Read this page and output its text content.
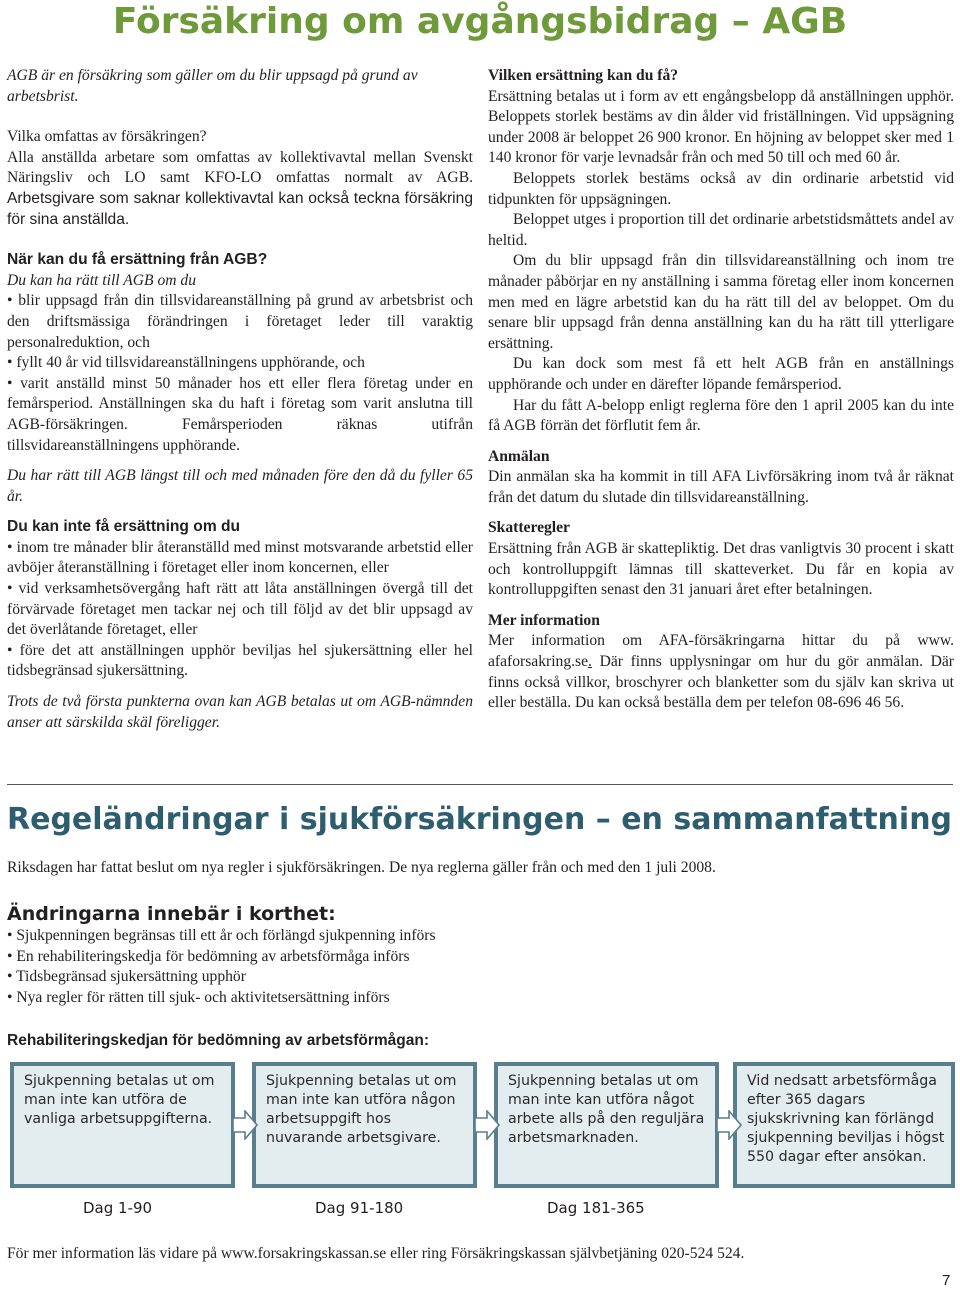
Försäkring om avgångsbidrag – AGB

AGB är en försäkring som gäller om du blir uppsagd på grund av arbetsbrist.

Vilka omfattas av försäkringen?

Alla anställda arbetare som omfattas av kollektivavtal mellan Svenskt Näringsliv och LO samt KFO-LO omfattas normalt av AGB. Arbetsgivare som saknar kollektivavtal kan också teckna försäkring för sina anställda.

När kan du få ersättning från AGB?

Du kan ha rätt till AGB om du

• blir uppsagd från din tillsvidareanställning på grund av arbetsbrist och den driftsmässiga förändringen i företaget leder till varaktig personalreduktion, och

• fyllt 40 år vid tillsvidareanställningens upphörande, och

• varit anställd minst 50 månader hos ett eller flera företag under en femårsperiod. Anställningen ska du haft i företag som varit anslutna till AGB-försäkringen. Femårsperioden räknas utifrån tillsvidareanställningens upphörande.

Du har rätt till AGB längst till och med månaden före den då du fyller 65 år.

Du kan inte få ersättning om du

• inom tre månader blir återanställd med minst motsvarande arbetstid eller avböjer återanställning i företaget eller inom koncernen, eller

• vid verksamhetsövergång haft rätt att låta anställningen övergå till det förvärvade företaget men tackar nej och till följd av det blir uppsagd av det överlåtande företaget, eller

• före det att anställningen upphör beviljas hel sjukersättning eller hel tidsbegränsad sjukersättning.

Trots de två första punkterna ovan kan AGB betalas ut om AGB-nämnden anser att särskilda skäl föreligger.

Vilken ersättning kan du få?

Ersättning betalas ut i form av ett engångsbelopp då anställningen upphör. Beloppets storlek bestäms av din ålder vid friställningen. Vid uppsägning under 2008 är beloppet 26 900 kronor. En höjning av beloppet sker med 1 140 kronor för varje levnadsår från och med 50 till och med 60 år.

Beloppets storlek bestäms också av din ordinarie arbetstid vid tidpunkten för uppsägningen.

Beloppet utges i proportion till det ordinarie arbetstidsmåttets andel av heltid.

Om du blir uppsagd från din tillsvidareanställning och inom tre månader påbörjar en ny anställning i samma företag eller inom koncernen men med en lägre arbetstid kan du ha rätt till del av beloppet. Om du senare blir uppsagd från denna anställning kan du ha rätt till ytterligare ersättning.

Du kan dock som mest få ett helt AGB från en anställnings upphörande och under en därefter löpande femårsperiod.

Har du fått A-belopp enligt reglerna före den 1 april 2005 kan du inte få AGB förrän det förflutit fem år.

Anmälan

Din anmälan ska ha kommit in till AFA Livförsäkring inom två år räknat från det datum du slutade din tillsvidareanställning.

Skatteregler

Ersättning från AGB är skattepliktig. Det dras vanligtvis 30 procent i skatt och kontrolluppgift lämnas till skatteverket. Du får en kopia av kontrolluppgiften senast den 31 januari året efter betalningen.

Mer information

Mer information om AFA-försäkringarna hittar du på www. afaforsakring.se. Där finns upplysningar om hur du gör anmälan. Där finns också villkor, broschyrer och blanketter som du själv kan skriva ut eller beställa. Du kan också beställa dem per telefon 08-696 46 56.

Regeländringar i sjukförsäkringen – en sammanfattning
Riksdagen har fattat beslut om nya regler i sjukförsäkringen. De nya reglerna gäller från och med den 1 juli 2008.
Ändringarna innebär i korthet:
• Sjukpenningen begränsas till ett år och förlängd sjukpenning införs
• En rehabiliteringskedja för bedömning av arbetsförmåga införs
• Tidsbegränsad sjukersättning upphör
• Nya regler för rätten till sjuk- och aktivitetsersättning införs
Rehabiliteringskedjan för bedömning av arbetsförmågan:
Sjukpenning betalas ut om man inte kan utföra de vanliga arbetsuppgifterna.
Sjukpenning betalas ut om man inte kan utföra någon arbetsuppgift hos nuvarande arbetsgivare.
Sjukpenning betalas ut om man inte kan utföra något arbete alls på den reguljära arbetsmarknaden.
Vid nedsatt arbetsförmåga efter 365 dagars sjukskrivning kan förlängd sjukpenning beviljas i högst 550 dagar efter ansökan.
Dag 1-90	Dag 91-180	Dag 181-365
För mer information läs vidare på www.forsakringskassan.se eller ring Försäkringskassan självbetjäning 020-524 524.
7
